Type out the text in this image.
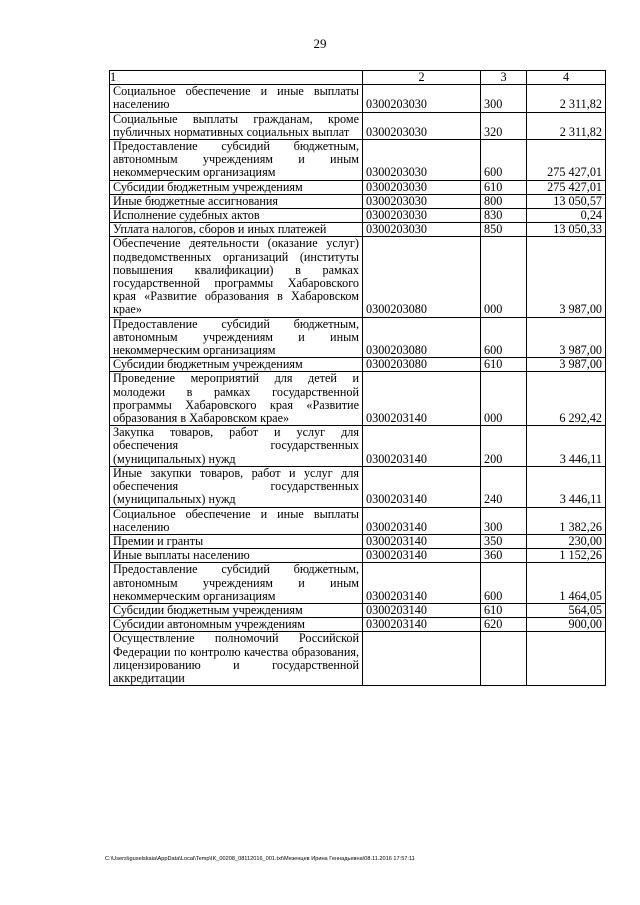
29
1	2	3	4
Социальное обеспечение и иные выплаты населению	0300203030	300	2 311,82
Социальные выплаты гражданам, кроме публичных нормативных социальных выплат	0300203030	320	2 311,82
Предоставление субсидий бюджетным, автономным учреждениям и иным некоммерческим организациям	0300203030	600	275 427,01
Субсидии бюджетным учреждениям	0300203030	610	275 427,01
Иные бюджетные ассигнования	0300203030	800	13 050,57
Исполнение судебных актов	0300203030	830	0,24
Уплата налогов, сборов и иных платежей	0300203030	850	13 050,33
Обеспечение деятельности (оказание услуг) подведомственных организаций (институты повышения квалификации) в рамках государственной программы Хабаровского края «Развитие образования в Хабаровском крае»	0300203080	000	3 987,00
Предоставление субсидий бюджетным, автономным учреждениям и иным некоммерческим организациям	0300203080	600	3 987,00
Субсидии бюджетным учреждениям	0300203080	610	3 987,00
Проведение мероприятий для детей и молодежи в рамках государственной программы Хабаровского края «Развитие образования в Хабаровском крае»	0300203140	000	6 292,42
Закупка товаров, работ и услуг для обеспечения государственных (муниципальных) нужд	0300203140	200	3 446,11
Иные закупки товаров, работ и услуг для обеспечения государственных (муниципальных) нужд	0300203140	240	3 446,11
Социальное обеспечение и иные выплаты населению	0300203140	300	1 382,26
Премии и гранты	0300203140	350	230,00
Иные выплаты населению	0300203140	360	1 152,26
Предоставление субсидий бюджетным, автономным учреждениям и иным некоммерческим организациям	0300203140	600	1 464,05
Субсидии бюджетным учреждениям	0300203140	610	564,05
Субсидии автономным учреждениям	0300203140	620	900,00
Осуществление полномочий Российской Федерации по контролю качества образования, лицензированию и государственной аккредитации			
C:\Users\iguselskaia\AppData\Local\Temp\IK_00208_08112016_001.txt\Мезенцев Ирина Геннадьевна\08.11.2016 17:57:11
